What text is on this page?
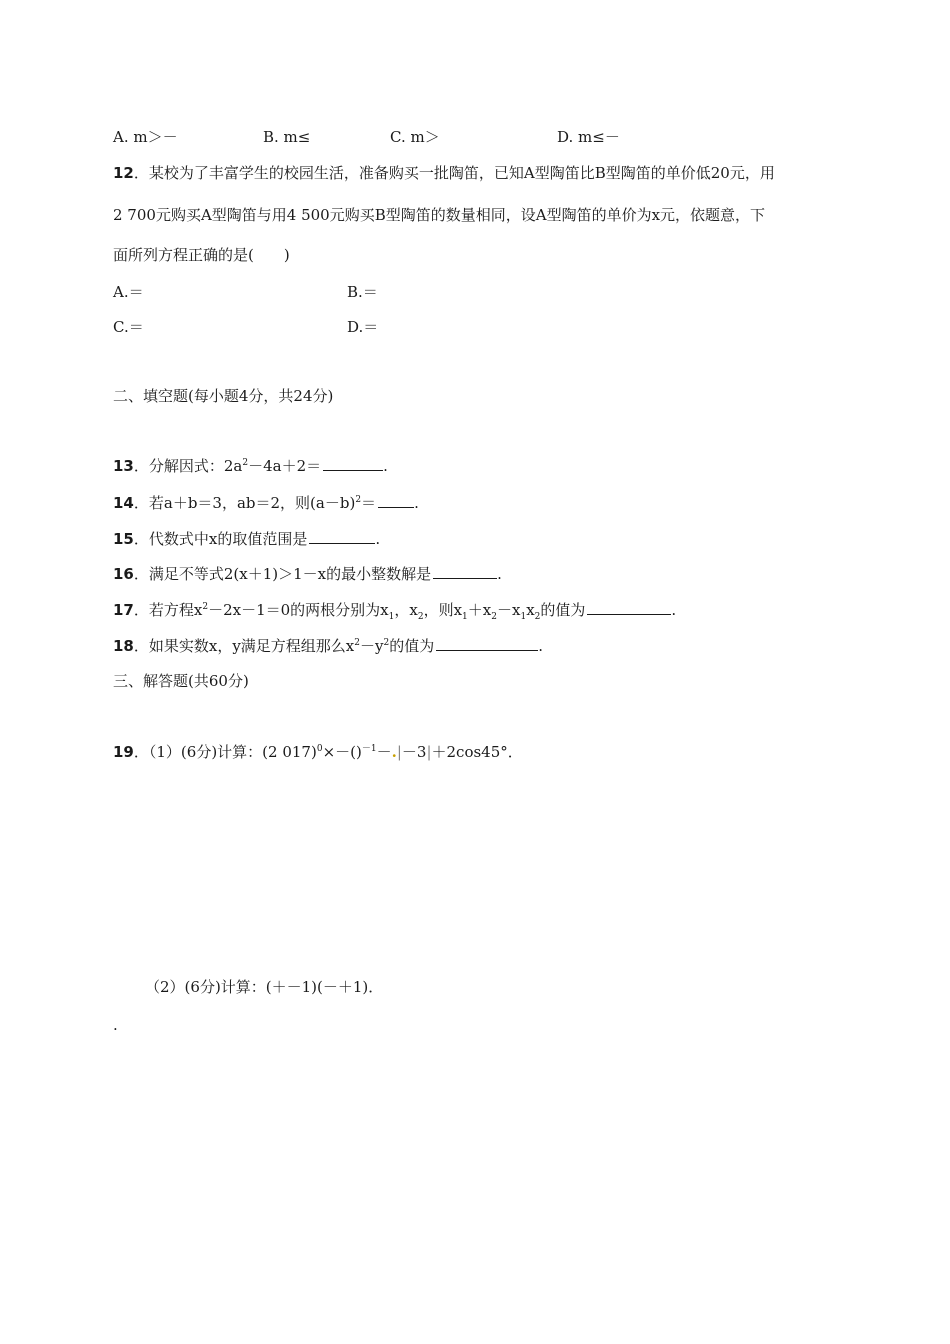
A. m＞－	B. m≤	C. m＞	D. m≤－
12．某校为了丰富学生的校园生活，准备购买一批陶笛，已知A型陶笛比B型陶笛的单价低20元，用
2 700元购买A型陶笛与用4 500元购买B型陶笛的数量相同，设A型陶笛的单价为x元，依题意，下
面所列方程正确的是(　　)
A.＝	B.＝
C.＝	D.＝
二、填空题(每小题4分，共24分)
13．分解因式：$2a^2-4a+2=$	.
14．若a＋b＝3，ab＝2，则$(a-b)^2=$	.
15．代数式中x的取值范围是	.
16．满足不等式2(x＋1)＞1－x的最小整数解是	.
17．若方程$x^2-2x-1=0$的两根分别为$x_1$，$x_2$，则$x_1+x_2-x_1x_2$的值为	.
18．如果实数x，y满足方程组那么$x^2-y^2$的值为	.
三、解答题(共60分)
19．（1）(6分)计算：(2 017)$^0$×－()$^{-1}$－.|－3|＋2cos45°．
（2）(6分)计算：(＋－1)(－＋1)．
.
